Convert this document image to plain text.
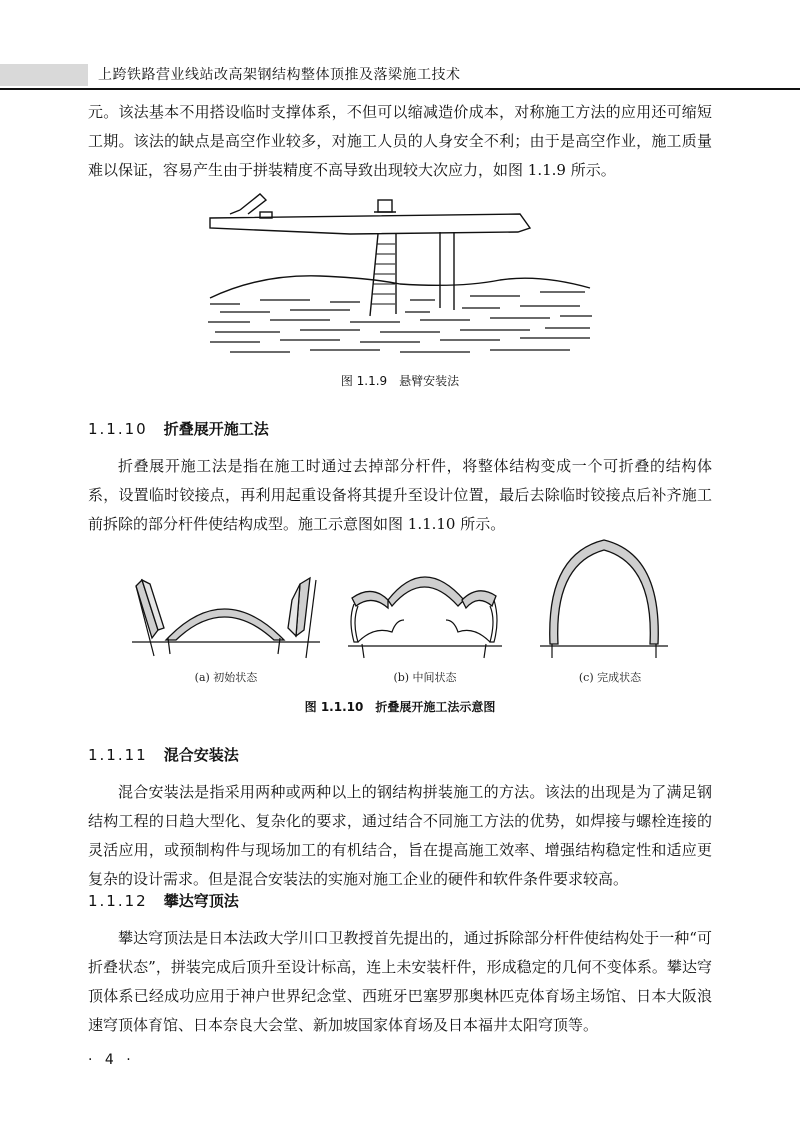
上跨铁路营业线站改高架钢结构整体顶推及落梁施工技术

元。该法基本不用搭设临时支撑体系，不但可以缩减造价成本，对称施工方法的应用还可缩短工期。该法的缺点是高空作业较多，对施工人员的人身安全不利；由于是高空作业，施工质量难以保证，容易产生由于拼装精度不高导致出现较大次应力，如图 1.1.9 所示。

图 1.1.9　悬臂安装法
1.1.10 折叠展开施工法

折叠展开施工法是指在施工时通过去掉部分杆件，将整体结构变成一个可折叠的结构体系，设置临时铰接点，再利用起重设备将其提升至设计位置，最后去除临时铰接点后补齐施工前拆除的部分杆件使结构成型。施工示意图如图 1.1.10 所示。

(a) 初始状态	(b) 中间状态	(c) 完成状态
图 1.1.10　折叠展开施工法示意图
1.1.11 混合安装法

混合安装法是指采用两种或两种以上的钢结构拼装施工的方法。该法的出现是为了满足钢结构工程的日趋大型化、复杂化的要求，通过结合不同施工方法的优势，如焊接与螺栓连接的灵活应用，或预制构件与现场加工的有机结合，旨在提高施工效率、增强结构稳定性和适应更复杂的设计需求。但是混合安装法的实施对施工企业的硬件和软件条件要求较高。

1.1.12 攀达穹顶法

攀达穹顶法是日本法政大学川口卫教授首先提出的，通过拆除部分杆件使结构处于一种“可折叠状态”，拼装完成后顶升至设计标高，连上未安装杆件，形成稳定的几何不变体系。攀达穹顶体系已经成功应用于神户世界纪念堂、西班牙巴塞罗那奥林匹克体育场主场馆、日本大阪浪速穹顶体育馆、日本奈良大会堂、新加坡国家体育场及日本福井太阳穹顶等。

· 4 ·
